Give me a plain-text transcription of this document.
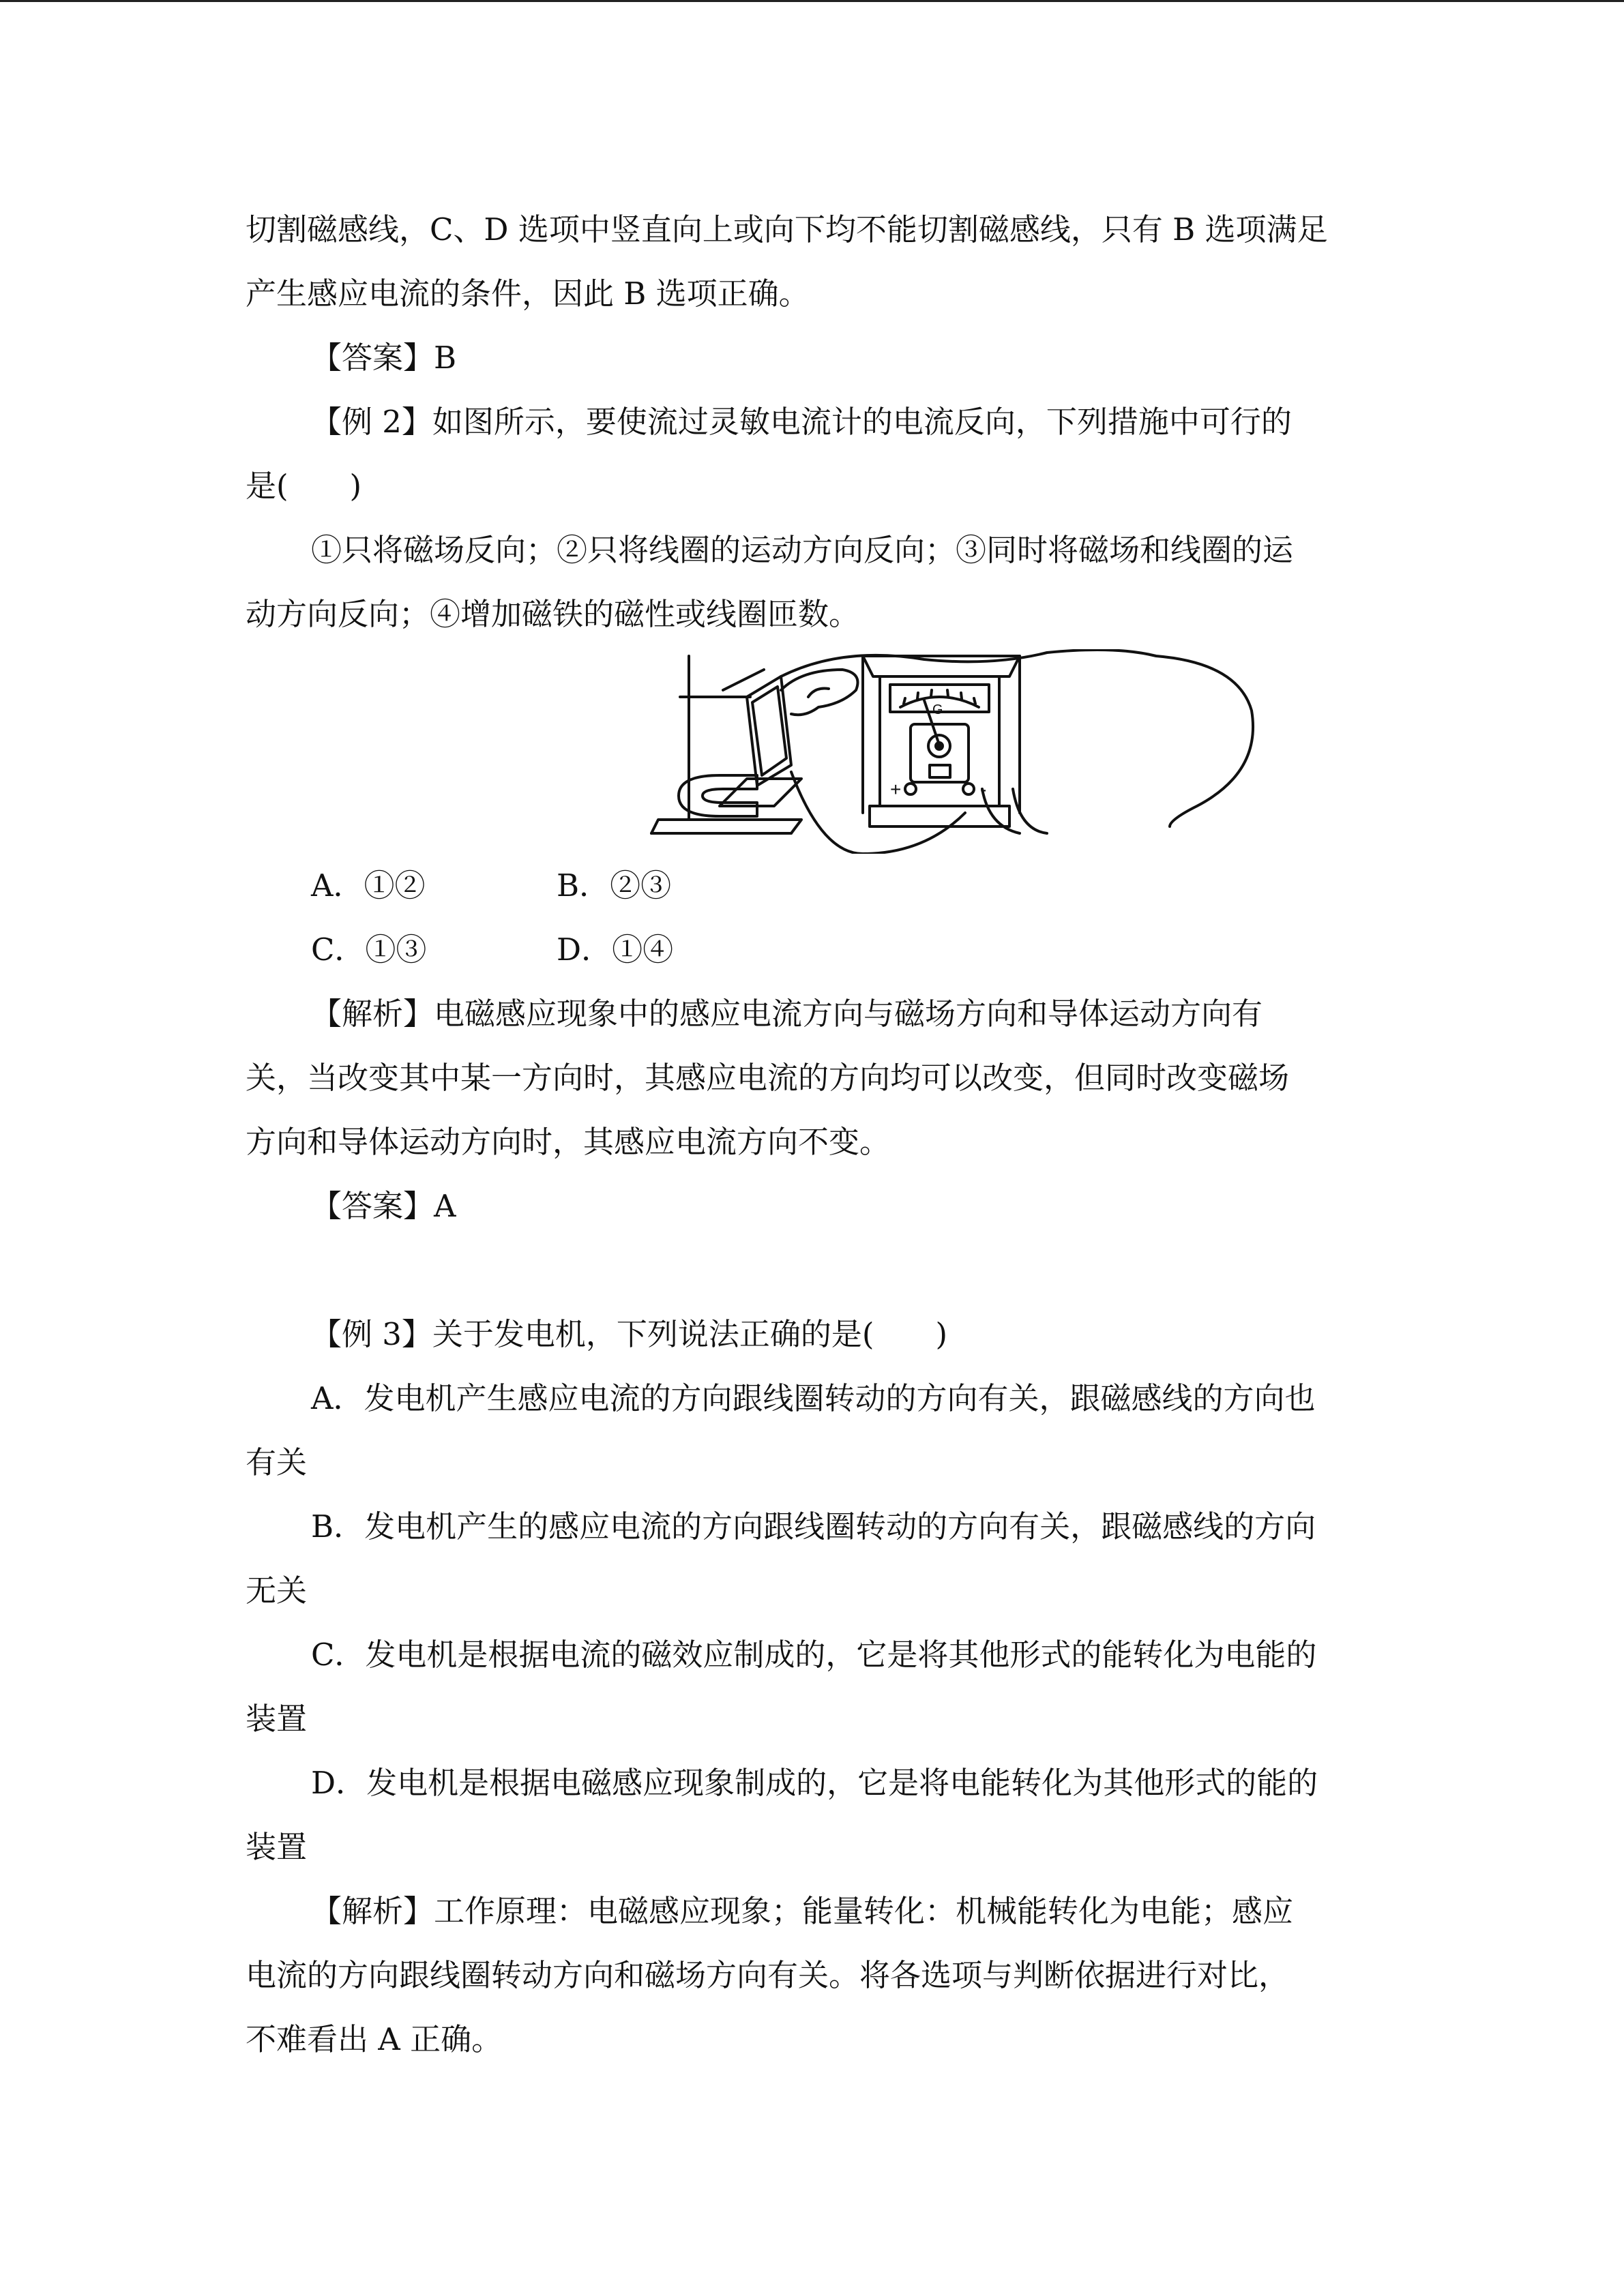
切割磁感线，C、D 选项中竖直向上或向下均不能切割磁感线，只有 B 选项满足

产生感应电流的条件，因此 B 选项正确。

【答案】B

【例 2】如图所示，要使流过灵敏电流计的电流反向，下列措施中可行的

是(　　)

①只将磁场反向；②只将线圈的运动方向反向；③同时将磁场和线圈的运

动方向反向；④增加磁铁的磁性或线圈匝数。

G
+	-

A．①②	B．②③

C．①③	D．①④

【解析】电磁感应现象中的感应电流方向与磁场方向和导体运动方向有

关，当改变其中某一方向时，其感应电流的方向均可以改变，但同时改变磁场

方向和导体运动方向时，其感应电流方向不变。

【答案】A

【例 3】关于发电机，下列说法正确的是(　　)

A．发电机产生感应电流的方向跟线圈转动的方向有关，跟磁感线的方向也

有关

B．发电机产生的感应电流的方向跟线圈转动的方向有关，跟磁感线的方向

无关

C．发电机是根据电流的磁效应制成的，它是将其他形式的能转化为电能的

装置

D．发电机是根据电磁感应现象制成的，它是将电能转化为其他形式的能的

装置

【解析】工作原理：电磁感应现象；能量转化：机械能转化为电能；感应

电流的方向跟线圈转动方向和磁场方向有关。将各选项与判断依据进行对比，

不难看出 A 正确。
